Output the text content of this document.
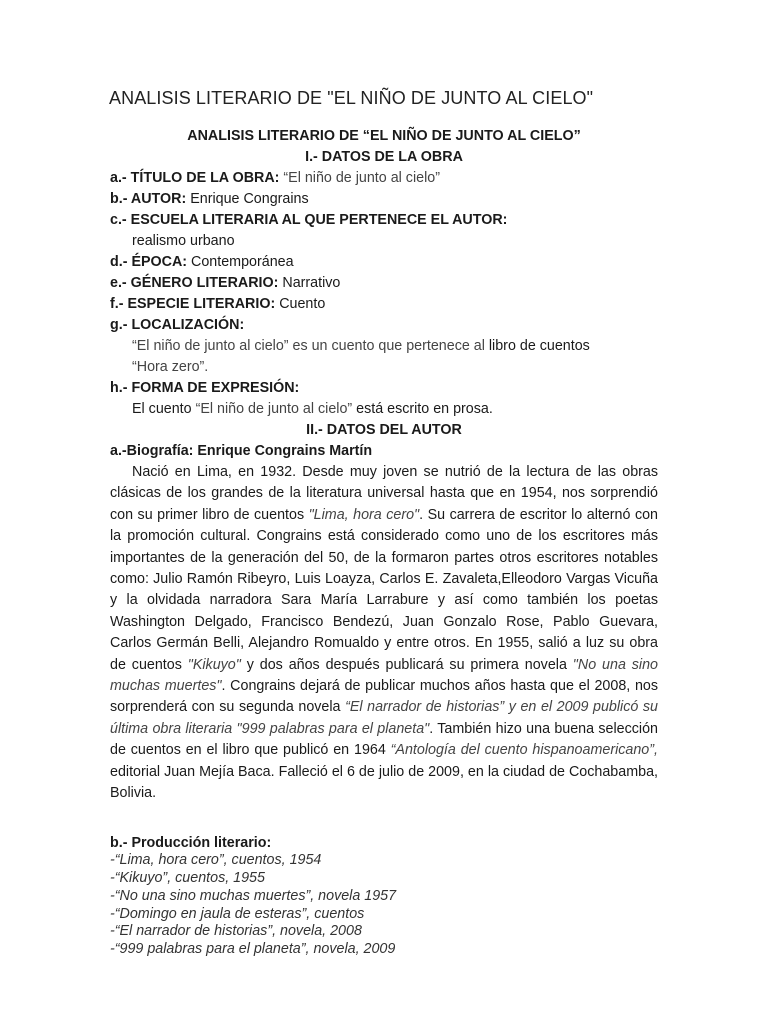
ANALISIS LITERARIO DE "EL NIÑO DE JUNTO AL CIELO"
ANALISIS LITERARIO DE “EL NIÑO DE JUNTO AL CIELO”
I.- DATOS DE LA OBRA
a.- TÍTULO DE LA OBRA: “El niño de junto al cielo”
b.- AUTOR: Enrique Congrains
c.- ESCUELA LITERARIA AL QUE PERTENECE EL AUTOR:
realismo urbano
d.- ÉPOCA: Contemporánea
e.- GÉNERO LITERARIO: Narrativo
f.- ESPECIE LITERARIO: Cuento
g.- LOCALIZACIÓN:
“El niño de junto al cielo” es un cuento que pertenece al libro de cuentos
“Hora zero”.
h.- FORMA DE EXPRESIÓN:
El cuento “El niño de junto al cielo” está escrito en prosa.
II.- DATOS DEL AUTOR
a.-Biografía: Enrique Congrains Martín
Nació en Lima, en 1932. Desde muy joven se nutrió de la lectura de las obras clásicas de los grandes de la literatura universal hasta que en 1954, nos sorprendió con su primer libro de cuentos "Lima, hora cero". Su carrera de escritor lo alternó con la promoción cultural. Congrains está considerado como uno de los escritores más importantes de la generación del 50, de la formaron partes otros escritores notables como: Julio Ramón Ribeyro, Luis Loayza, Carlos E. Zavaleta,Elleodoro Vargas Vicuña y la olvidada narradora Sara María Larrabure y así como también los poetas Washington Delgado, Francisco Bendezú, Juan Gonzalo Rose, Pablo Guevara, Carlos Germán Belli, Alejandro Romualdo y entre otros. En 1955, salió a luz su obra de cuentos "Kikuyo" y dos años después publicará su primera novela "No una sino muchas muertes". Congrains dejará de publicar muchos años hasta que el 2008, nos sorprenderá con su segunda novela “El narrador de historias” y en el 2009 publicó su última obra literaria "999 palabras para el planeta". También hizo una buena selección de cuentos en el libro que publicó en 1964 “Antología del cuento hispanoamericano”, editorial Juan Mejía Baca. Falleció el 6 de julio de 2009, en la ciudad de Cochabamba, Bolivia.
b.- Producción literario:
-“Lima, hora cero”, cuentos, 1954
-“Kikuyo”, cuentos, 1955
-“No una sino muchas muertes”, novela 1957
-“Domingo en jaula de esteras”, cuentos
-“El narrador de historias”, novela, 2008
-“999 palabras para el planeta”, novela, 2009
